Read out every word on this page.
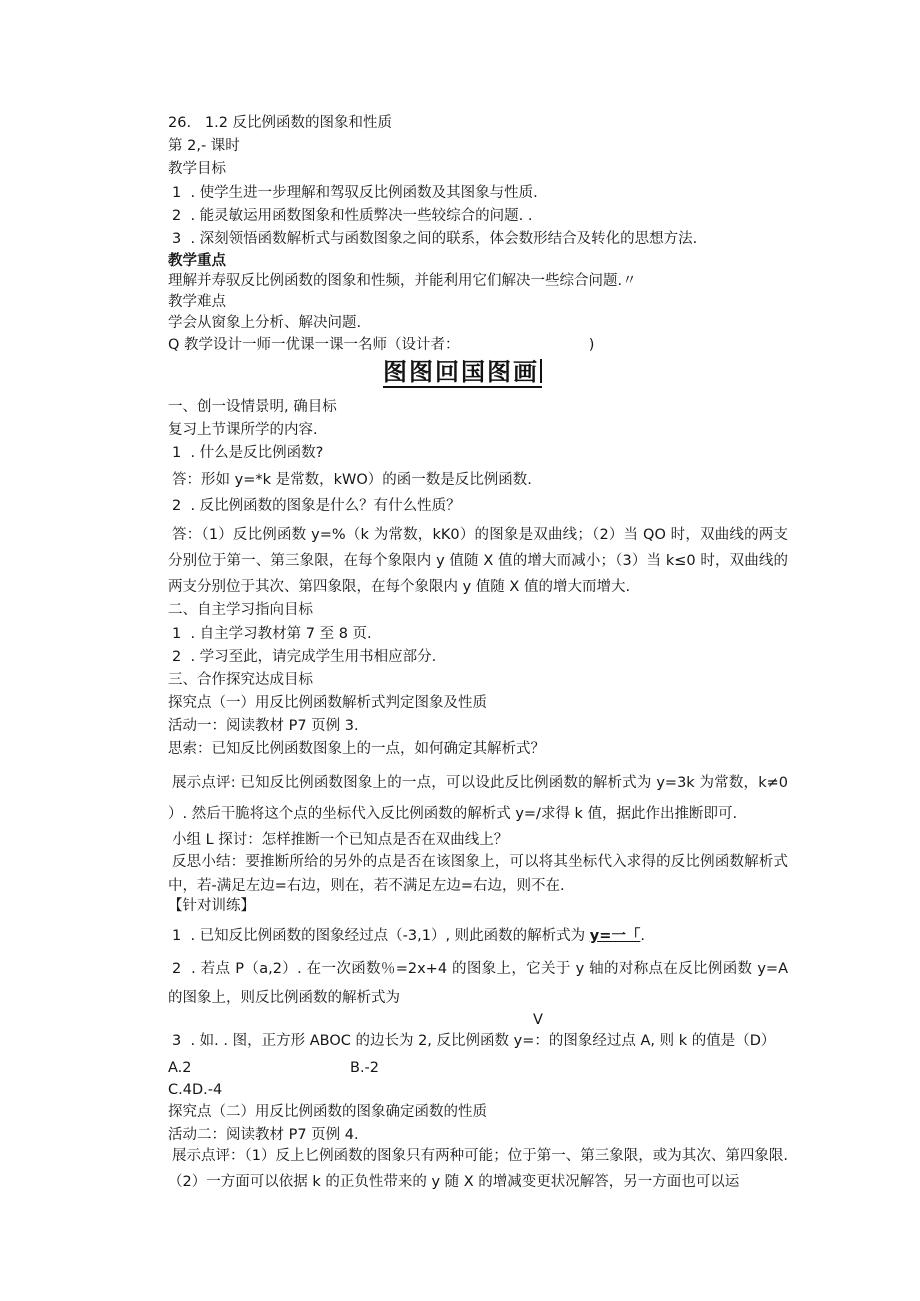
26.   1.2 反比例函数的图象和性质
第 2,- 课时
教学目标
1  . 使学生进一步理解和驾驭反比例函数及其图象与性质.
2  . 能灵敏运用函数图象和性质弊决一些较综合的问题. .
3  . 深刻领悟函数解析式与函数图象之间的联系，体会数形结合及转化的思想方法.
教学重点
理解并寿驭反比例函数的图象和性频，并能利用它们解决一些综合问题.〃
教学难点
学会从窗象上分析、解决问题.
Q 教学设计一师一优课一课一名师（设计者：	)
图图回国图画
一、创一设情景明, 确目标
复习上节课所学的内容.
1  . 什么是反比例函数?
答：形如 y=*k 是常数，kWO）的函一数是反比例函数.
2  . 反比例函数的图象是什么？有什么性质？
答：（1）反比例函数 y=%（k 为常数，kK0）的图象是双曲线；（2）当 QO 时，双曲线的两支分别位于第一、第三象限，在每个象限内 y 值随 X 值的增大而减小；（3）当 k≤0 时，双曲线的两支分别位于其次、第四象限，在每个象限内 y 值随 X 值的增大而增大.
二、自主学习指向目标
1  . 自主学习教材第 7 至 8 页.
2  . 学习至此，请完成学生用书相应部分.
三、合作探究达成目标
探究点（一）用反比例函数解析式判定图象及性质
活动一：阅读教材 P7 页例 3.
思索：已知反比例函数图象上的一点，如何确定其解析式？
展示点评: 已知反比例函数图象上的一点，可以设此反比例函数的解析式为 y=3k 为常数，k≠0 ）. 然后干脆将这个点的坐标代入反比例函数的解析式 y=/求得 k 值，据此作出推断即可.
小组 L 探讨：怎样推断一个已知点是否在双曲线上？
反思小结：要推断所给的另外的点是否在该图象上，可以将其坐标代入求得的反比例函数解析式中，若-满足左边=右边，则在，若不满足左边=右边，则不在.
【针对训练】
1  . 已知反比例函数的图象经过点（-3,1）, 则此函数的解析式为 y=一「.
2  . 若点 P（a,2）. 在一次函数％=2x+4 的图象上，它关于 y 轴的对称点在反比例函数 y=A 的图象上，则反比例函数的解析式为
V
3  . 如. . 图，正方形 ABOC 的边长为 2, 反比例函数 y=：的图象经过点 A, 则 k 的值是（D）
A.2	B.-2
C.4D.-4
探究点（二）用反比例函数的图象确定函数的性质
活动二：阅读教材 P7 页例 4.
展示点评：（1）反上匕例函数的图象只有两种可能；位于第一、第三象限，或为其次、第四象限.（2）一方面可以依据 k 的正负性带来的 y 随 X 的增减变更状况解答，另一方面也可以运
